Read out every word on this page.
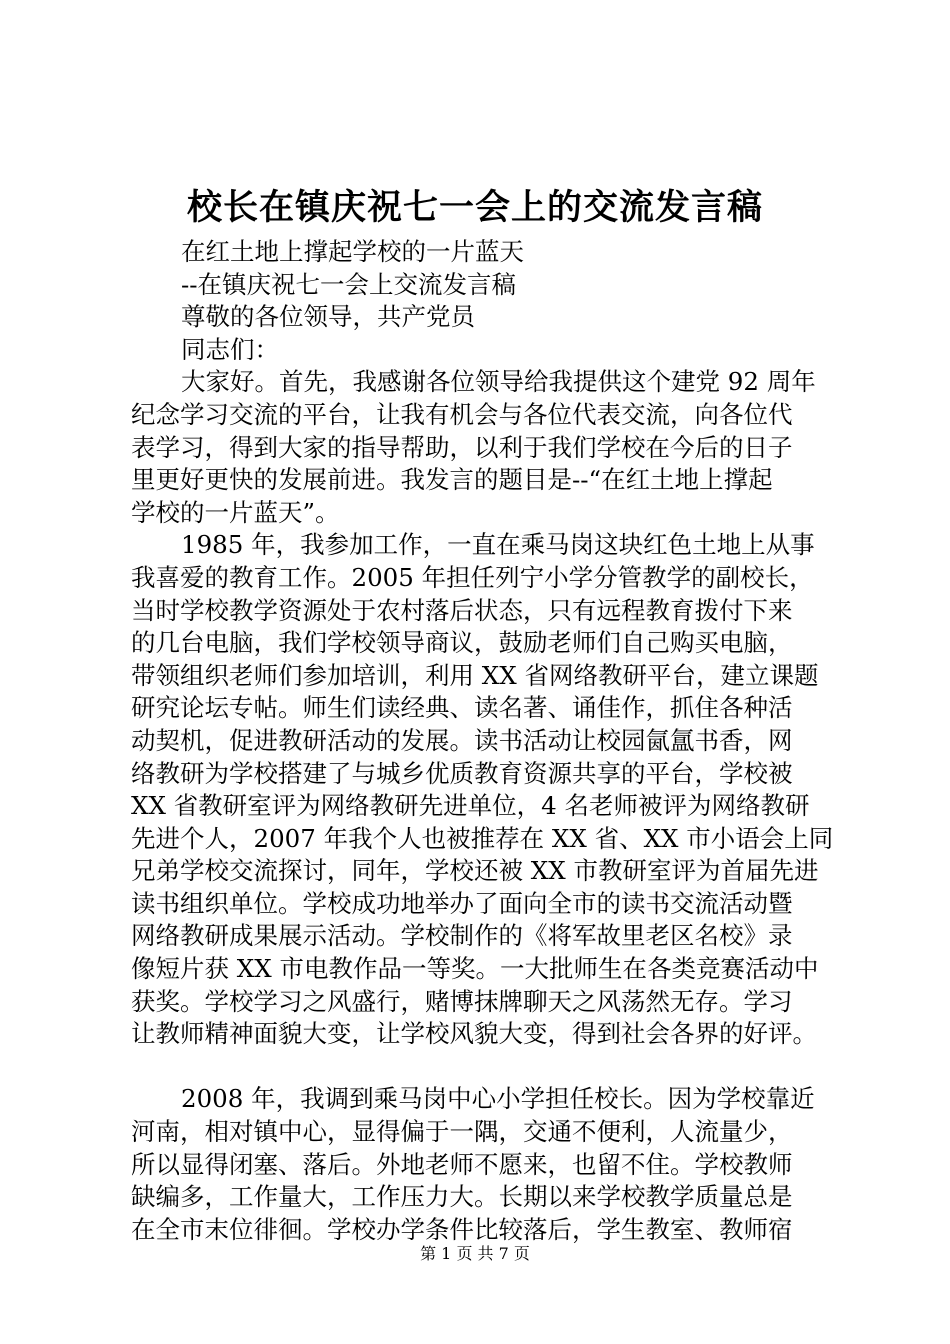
校长在镇庆祝七一会上的交流发言稿
在红土地上撑起学校的一片蓝天
--在镇庆祝七一会上交流发言稿
尊敬的各位领导，共产党员
同志们：
大家好。首先，我感谢各位领导给我提供这个建党 92 周年
纪念学习交流的平台，让我有机会与各位代表交流，向各位代
表学习，得到大家的指导帮助，以利于我们学校在今后的日子
里更好更快的发展前进。我发言的题目是--“在红土地上撑起
学校的一片蓝天”。
1985 年，我参加工作，一直在乘马岗这块红色土地上从事
我喜爱的教育工作。2005 年担任列宁小学分管教学的副校长，
当时学校教学资源处于农村落后状态，只有远程教育拨付下来
的几台电脑，我们学校领导商议，鼓励老师们自己购买电脑，
带领组织老师们参加培训，利用 XX 省网络教研平台，建立课题
研究论坛专帖。师生们读经典、读名著、诵佳作，抓住各种活
动契机，促进教研活动的发展。读书活动让校园氤氲书香，网
络教研为学校搭建了与城乡优质教育资源共享的平台，学校被
XX 省教研室评为网络教研先进单位，4 名老师被评为网络教研
先进个人，2007 年我个人也被推荐在 XX 省、XX 市小语会上同
兄弟学校交流探讨，同年，学校还被 XX 市教研室评为首届先进
读书组织单位。学校成功地举办了面向全市的读书交流活动暨
网络教研成果展示活动。学校制作的《将军故里老区名校》录
像短片获 XX 市电教作品一等奖。一大批师生在各类竞赛活动中
获奖。学校学习之风盛行，赌博抹牌聊天之风荡然无存。学习
让教师精神面貌大变，让学校风貌大变，得到社会各界的好评。
2008 年，我调到乘马岗中心小学担任校长。因为学校靠近
河南，相对镇中心，显得偏于一隅，交通不便利，人流量少，
所以显得闭塞、落后。外地老师不愿来，也留不住。学校教师
缺编多，工作量大，工作压力大。长期以来学校教学质量总是
在全市末位徘徊。学校办学条件比较落后，学生教室、教师宿
第 1 页 共 7 页
